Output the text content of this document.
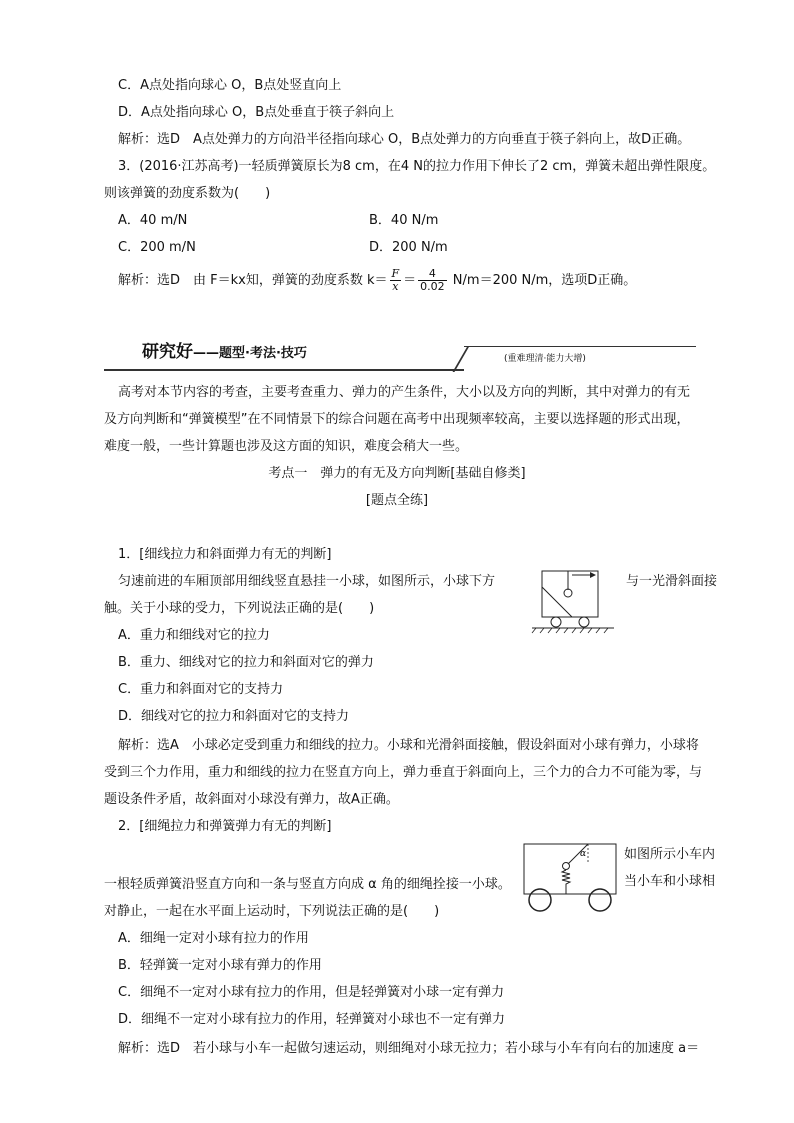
C．A点处指向球心 O，B点处竖直向上
D．A点处指向球心 O，B点处垂直于筷子斜向上
解析：选D　A点处弹力的方向沿半径指向球心 O，B点处弹力的方向垂直于筷子斜向上，故D正确。
3．(2016·江苏高考)一轻质弹簧原长为8 cm，在4 N的拉力作用下伸长了2 cm，弹簧未超出弹性限度。
则该弹簧的劲度系数为(　　)
A．40 m/N	B．40 N/m
C．200 m/N	D．200 N/m
解析：选D　由 F＝kx知，弹簧的劲度系数 $k= \frac{F}{x} = \frac{4}{0.02} N/m=200$ N/m，选项D正确。
研究好——题型·考法·技巧	(重难理清·能力大增)
高考对本节内容的考查，主要考查重力、弹力的产生条件，大小以及方向的判断，其中对弹力的有无
及方向判断和“弹簧模型”在不同情景下的综合问题在高考中出现频率较高，主要以选择题的形式出现，
难度一般，一些计算题也涉及这方面的知识，难度会稍大一些。
考点一　弹力的有无及方向判断[基础自修类]
[题点全练]
1．[细线拉力和斜面弹力有无的判断]
匀速前进的车厢顶部用细线竖直悬挂一小球，如图所示，小球下方	与一光滑斜面接
触。关于小球的受力，下列说法正确的是(　　)
A．重力和细线对它的拉力
B．重力、细线对它的拉力和斜面对它的弹力
C．重力和斜面对它的支持力
D．细线对它的拉力和斜面对它的支持力
解析：选A　小球必定受到重力和细线的拉力。小球和光滑斜面接触，假设斜面对小球有弹力，小球将
受到三个力作用，重力和细线的拉力在竖直方向上，弹力垂直于斜面向上，三个力的合力不可能为零，与
题设条件矛盾，故斜面对小球没有弹力，故A正确。
2．[细绳拉力和弹簧弹力有无的判断]
如图所示小车内
α
一根轻质弹簧沿竖直方向和一条与竖直方向成 α 角的细绳拴接一小球。	当小车和小球相
对静止，一起在水平面上运动时，下列说法正确的是(　　)
A．细绳一定对小球有拉力的作用
B．轻弹簧一定对小球有弹力的作用
C．细绳不一定对小球有拉力的作用，但是轻弹簧对小球一定有弹力
D．细绳不一定对小球有拉力的作用，轻弹簧对小球也不一定有弹力
解析：选D　若小球与小车一起做匀速运动，则细绳对小球无拉力；若小球与小车有向右的加速度 a＝
